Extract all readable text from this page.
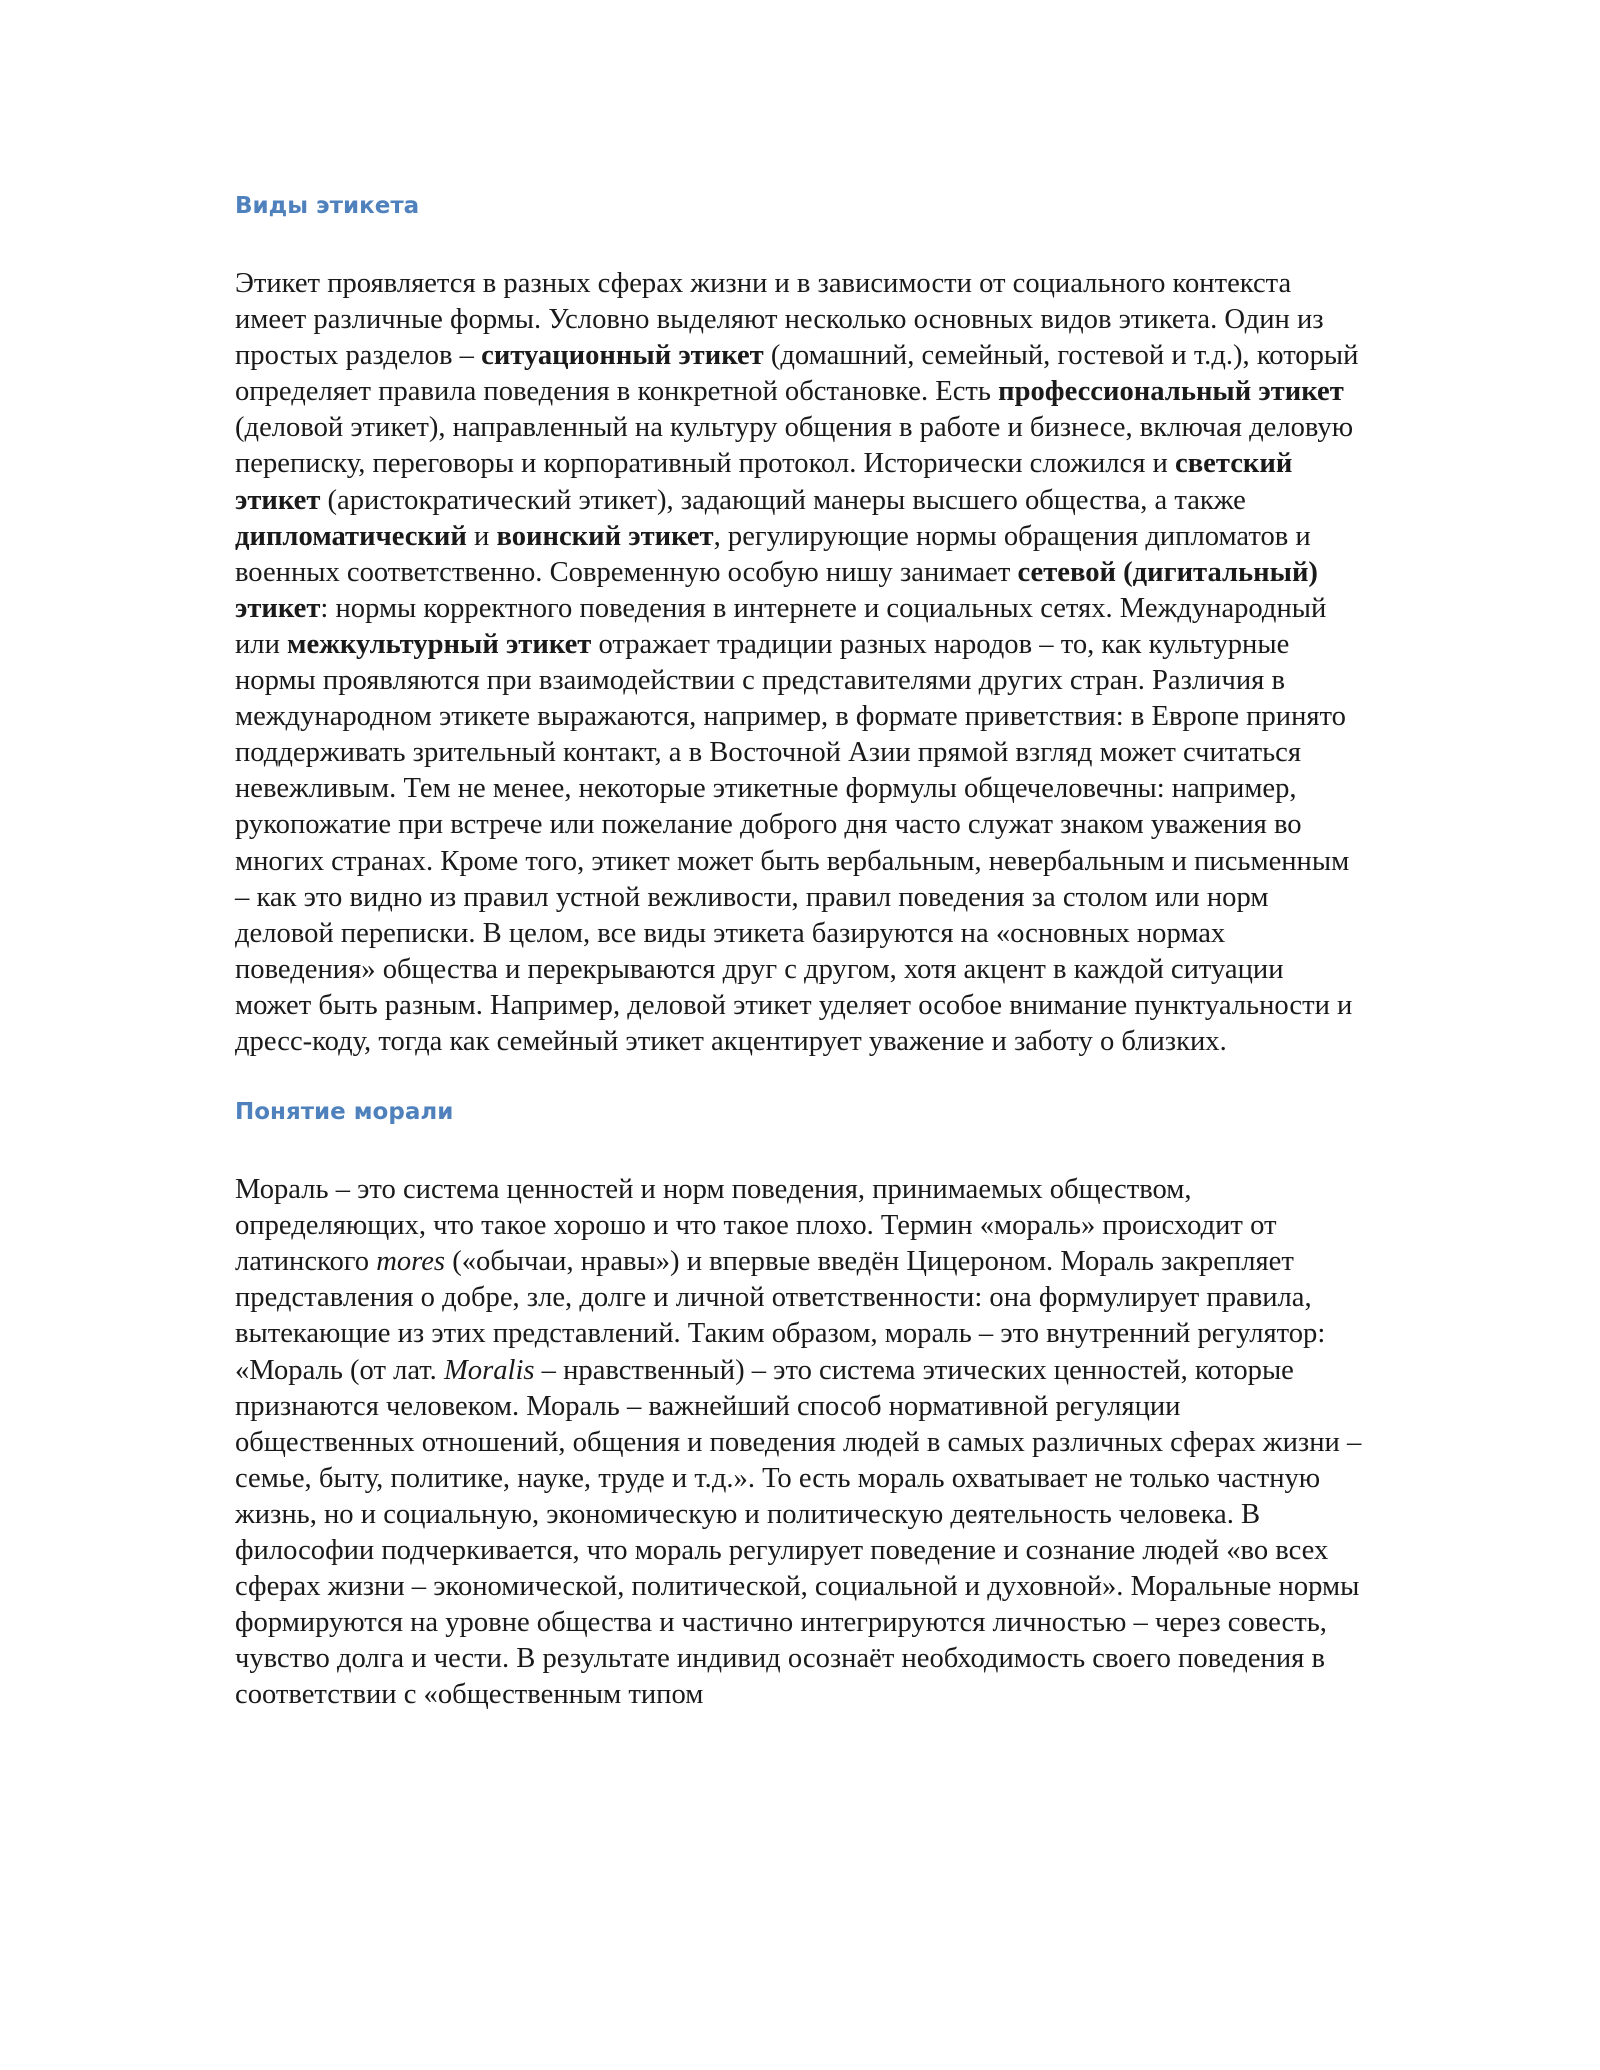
Виды этикета

Этикет проявляется в разных сферах жизни и в зависимости от социального контекста имеет различные формы. Условно выделяют несколько основных видов этикета. Один из простых разделов – ситуационный этикет (домашний, семейный, гостевой и т.д.), который определяет правила поведения в конкретной обстановке. Есть профессиональный этикет (деловой этикет), направленный на культуру общения в работе и бизнесе, включая деловую переписку, переговоры и корпоративный протокол. Исторически сложился и светский этикет (аристократический этикет), задающий манеры высшего общества, а также дипломатический и воинский этикет, регулирующие нормы обращения дипломатов и военных соответственно. Современную особую нишу занимает сетевой (дигитальный) этикет: нормы корректного поведения в интернете и социальных сетях. Международный или межкультурный этикет отражает традиции разных народов – то, как культурные нормы проявляются при взаимодействии с представителями других стран. Различия в международном этикете выражаются, например, в формате приветствия: в Европе принято поддерживать зрительный контакт, а в Восточной Азии прямой взгляд может считаться невежливым. Тем не менее, некоторые этикетные формулы общечеловечны: например, рукопожатие при встрече или пожелание доброго дня часто служат знаком уважения во многих странах. Кроме того, этикет может быть вербальным, невербальным и письменным – как это видно из правил устной вежливости, правил поведения за столом или норм деловой переписки. В целом, все виды этикета базируются на «основных нормах поведения» общества и перекрываются друг с другом, хотя акцент в каждой ситуации может быть разным. Например, деловой этикет уделяет особое внимание пунктуальности и дресс-коду, тогда как семейный этикет акцентирует уважение и заботу о близких.

Понятие морали

Мораль – это система ценностей и норм поведения, принимаемых обществом, определяющих, что такое хорошо и что такое плохо. Термин «мораль» происходит от латинского mores («обычаи, нравы») и впервые введён Цицероном. Мораль закрепляет представления о добре, зле, долге и личной ответственности: она формулирует правила, вытекающие из этих представлений. Таким образом, мораль – это внутренний регулятор: «Мораль (от лат. Moralis – нравственный) – это система этических ценностей, которые признаются человеком. Мораль – важнейший способ нормативной регуляции общественных отношений, общения и поведения людей в самых различных сферах жизни – семье, быту, политике, науке, труде и т.д.». То есть мораль охватывает не только частную жизнь, но и социальную, экономическую и политическую деятельность человека. В философии подчеркивается, что мораль регулирует поведение и сознание людей «во всех сферах жизни – экономической, политической, социальной и духовной». Моральные нормы формируются на уровне общества и частично интегрируются личностью – через совесть, чувство долга и чести. В результате индивид осознаёт необходимость своего поведения в соответствии с «общественным типом
